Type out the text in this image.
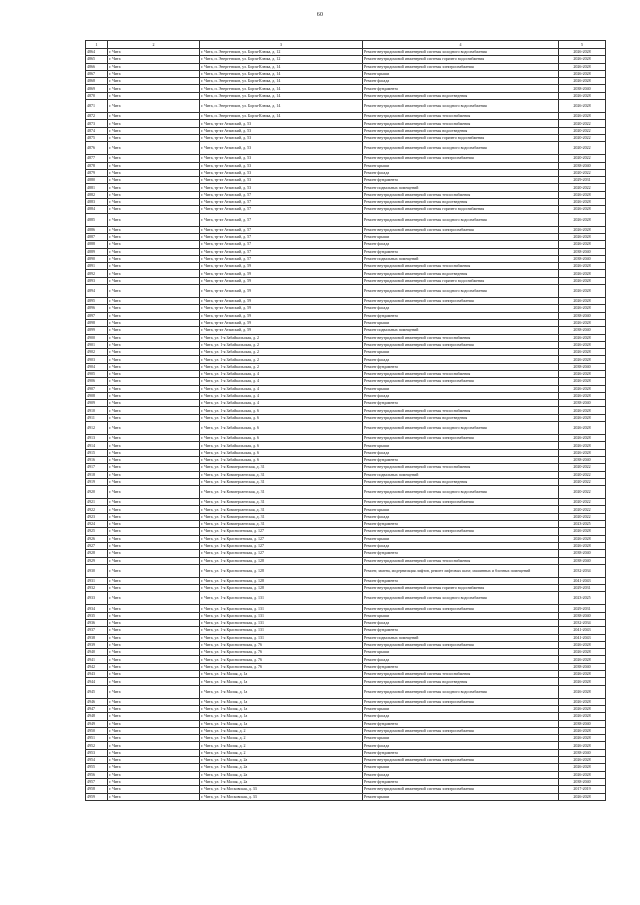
60
1	2	3	4	5
4864	г. Чита	г. Чита, п. Энергетиков, ул. Борзя-Клюка, д. 12	Ремонт внутридомовой инженерной системы холодного водоснабжения	2026-2028
4865	г. Чита	г. Чита, п. Энергетиков, ул. Борзя-Клюка, д. 12	Ремонт внутридомовой инженерной системы горячего водоснабжения	2026-2028
4866	г. Чита	г. Чита, п. Энергетиков, ул. Борзя-Клюка, д. 14	Ремонт внутридомовой инженерной системы электроснабжения	2026-2028
4867	г. Чита	г. Чита, п. Энергетиков, ул. Борзя-Клюка, д. 14	Ремонт крыши	2026-2028
4868	г. Чита	г. Чита, п. Энергетиков, ул. Борзя-Клюка, д. 14	Ремонт фасада	2026-2028
4869	г. Чита	г. Чита, п. Энергетиков, ул. Борзя-Клюка, д. 14	Ремонт фундамента	2038-2040
4870	г. Чита	г. Чита, п. Энергетиков, ул. Борзя-Клюка, д. 14	Ремонт внутридомовой инженерной системы водоотведения	2026-2028
4871	г. Чита	г. Чита, п. Энергетиков, ул. Борзя-Клюка, д. 14	Ремонт внутридомовой инженерной системы холодного водоснабжения	2026-2028
4872	г. Чита	г. Чита, п. Энергетиков, ул. Борзя-Клюка, д. 14	Ремонт внутридомовой инженерной системы теплоснабжения	2026-2028
4873	г. Чита	г. Чита, тр-кт Атамский, д. 53	Ремонт внутридомовой инженерной системы теплоснабжения	2020-2022
4874	г. Чита	г. Чита, тр-кт Атамский, д. 53	Ремонт внутридомовой инженерной системы водоотведения	2020-2022
4875	г. Чита	г. Чита, тр-кт Атамский, д. 53	Ремонт внутридомовой инженерной системы горячего водоснабжения	2020-2022
4876	г. Чита	г. Чита, тр-кт Атамский, д. 53	Ремонт внутридомовой инженерной системы холодного водоснабжения	2020-2022
4877	г. Чита	г. Чита, тр-кт Атамский, д. 53	Ремонт внутридомовой инженерной системы электроснабжения	2020-2022
4878	г. Чита	г. Чита, тр-кт Атамский, д. 53	Ремонт крыши	2038-2040
4879	г. Чита	г. Чита, тр-кт Атамский, д. 53	Ремонт фасада	2020-2022
4880	г. Чита	г. Чита, тр-кт Атамский, д. 53	Ремонт фундамента	2029-2031
4881	г. Чита	г. Чита, тр-кт Атамский, д. 53	Ремонт подвальных помещений	2020-2022
4882	г. Чита	г. Чита, тр-кт Атамский, д. 57	Ремонт внутридомовой инженерной системы теплоснабжения	2026-2028
4883	г. Чита	г. Чита, тр-кт Атамский, д. 57	Ремонт внутридомовой инженерной системы водоотведения	2026-2028
4884	г. Чита	г. Чита, тр-кт Атамский, д. 57	Ремонт внутридомовой инженерной системы горячего водоснабжения	2026-2028
4885	г. Чита	г. Чита, тр-кт Атамский, д. 57	Ремонт внутридомовой инженерной системы холодного водоснабжения	2026-2028
4886	г. Чита	г. Чита, тр-кт Атамский, д. 57	Ремонт внутридомовой инженерной системы электроснабжения	2026-2028
4887	г. Чита	г. Чита, тр-кт Атамский, д. 57	Ремонт крыши	2026-2028
4888	г. Чита	г. Чита, тр-кт Атамский, д. 57	Ремонт фасада	2026-2028
4889	г. Чита	г. Чита, тр-кт Атамский, д. 57	Ремонт фундамента	2038-2040
4890	г. Чита	г. Чита, тр-кт Атамский, д. 57	Ремонт подвальных помещений	2038-2040
4891	г. Чита	г. Чита, тр-кт Атамский, д. 59	Ремонт внутридомовой инженерной системы теплоснабжения	2026-2028
4892	г. Чита	г. Чита, тр-кт Атамский, д. 59	Ремонт внутридомовой инженерной системы водоотведения	2026-2028
4893	г. Чита	г. Чита, тр-кт Атамский, д. 59	Ремонт внутридомовой инженерной системы горячего водоснабжения	2026-2028
4894	г. Чита	г. Чита, тр-кт Атамский, д. 59	Ремонт внутридомовой инженерной системы холодного водоснабжения	2026-2028
4895	г. Чита	г. Чита, тр-кт Атамский, д. 59	Ремонт внутридомовой инженерной системы электроснабжения	2026-2028
4896	г. Чита	г. Чита, тр-кт Атамский, д. 59	Ремонт фасада	2026-2028
4897	г. Чита	г. Чита, тр-кт Атамский, д. 59	Ремонт фундамента	2038-2040
4898	г. Чита	г. Чита, тр-кт Атамский, д. 59	Ремонт крыши	2026-2028
4899	г. Чита	г. Чита, тр-кт Атамский, д. 59	Ремонт подвальных помещений	2038-2040
4900	г. Чита	г. Чита, ул. 1-я Забайкальская, д. 2	Ремонт внутридомовой инженерной системы теплоснабжения	2026-2028
4901	г. Чита	г. Чита, ул. 1-я Забайкальская, д. 2	Ремонт внутридомовой инженерной системы электроснабжения	2026-2028
4902	г. Чита	г. Чита, ул. 1-я Забайкальская, д. 2	Ремонт крыши	2026-2028
4903	г. Чита	г. Чита, ул. 1-я Забайкальская, д. 2	Ремонт фасада	2026-2028
4904	г. Чита	г. Чита, ул. 1-я Забайкальская, д. 2	Ремонт фундамента	2038-2040
4905	г. Чита	г. Чита, ул. 1-я Забайкальская, д. 4	Ремонт внутридомовой инженерной системы теплоснабжения	2026-2028
4906	г. Чита	г. Чита, ул. 1-я Забайкальская, д. 4	Ремонт внутридомовой инженерной системы электроснабжения	2026-2028
4907	г. Чита	г. Чита, ул. 1-я Забайкальская, д. 4	Ремонт крыши	2026-2028
4908	г. Чита	г. Чита, ул. 1-я Забайкальская, д. 4	Ремонт фасада	2026-2028
4909	г. Чита	г. Чита, ул. 1-я Забайкальская, д. 4	Ремонт фундамента	2038-2040
4910	г. Чита	г. Чита, ул. 1-я Забайкальская, д. 6	Ремонт внутридомовой инженерной системы теплоснабжения	2026-2028
4911	г. Чита	г. Чита, ул. 1-я Забайкальская, д. 6	Ремонт внутридомовой инженерной системы водоотведения	2026-2028
4912	г. Чита	г. Чита, ул. 1-я Забайкальская, д. 6	Ремонт внутридомовой инженерной системы холодного водоснабжения	2026-2028
4913	г. Чита	г. Чита, ул. 1-я Забайкальская, д. 6	Ремонт внутридомовой инженерной системы электроснабжения	2026-2028
4914	г. Чита	г. Чита, ул. 1-я Забайкальская, д. 6	Ремонт крыши	2026-2028
4915	г. Чита	г. Чита, ул. 1-я Забайкальская, д. 6	Ремонт фасада	2026-2028
4916	г. Чита	г. Чита, ул. 1-я Забайкальская, д. 6	Ремонт фундамента	2038-2040
4917	г. Чита	г. Чита, ул. 1-я Коммерсантская, д. 31	Ремонт внутридомовой инженерной системы теплоснабжения	2020-2022
4918	г. Чита	г. Чита, ул. 1-я Коммерсантская, д. 31	Ремонт подвальных помещений	2020-2022
4919	г. Чита	г. Чита, ул. 1-я Коммерсантская, д. 31	Ремонт внутридомовой инженерной системы водоотведения	2020-2022
4920	г. Чита	г. Чита, ул. 1-я Коммерсантская, д. 31	Ремонт внутридомовой инженерной системы холодного водоснабжения	2020-2022
4921	г. Чита	г. Чита, ул. 1-я Коммерсантская, д. 31	Ремонт внутридомовой инженерной системы электроснабжения	2020-2022
4922	г. Чита	г. Чита, ул. 1-я Коммерсантская, д. 31	Ремонт крыши	2020-2022
4923	г. Чита	г. Чита, ул. 1-я Коммерсантская, д. 31	Ремонт фасада	2020-2022
4924	г. Чита	г. Чита, ул. 1-я Коммерсантская, д. 31	Ремонт фундамента	2023-2025
4925	г. Чита	г. Чита, ул. 1-я Красноленская, д. 127	Ремонт внутридомовой инженерной системы электроснабжения	2026-2028
4926	г. Чита	г. Чита, ул. 1-я Красноленская, д. 127	Ремонт крыши	2026-2028
4927	г. Чита	г. Чита, ул. 1-я Красноленская, д. 127	Ремонт фасада	2026-2028
4928	г. Чита	г. Чита, ул. 1-я Красноленская, д. 127	Ремонт фундамента	2038-2040
4929	г. Чита	г. Чита, ул. 1-я Красноленская, д. 128	Ремонт внутридомовой инженерной системы теплоснабжения	2038-2040
4930	г. Чита	г. Чита, ул. 1-я Красноленская, д. 128	Ремонт, замена, модернизация лифтов, ремонт лифтовых шахт, машинных и блочных помещений	2032-2034
4931	г. Чита	г. Чита, ул. 1-я Красноленская, д. 128	Ремонт фундамента	2041-2043
4932	г. Чита	г. Чита, ул. 1-я Красноленская, д. 128	Ремонт внутридомовой инженерной системы горячего водоснабжения	2029-2031
4933	г. Чита	г. Чита, ул. 1-я Красноленская, д. 131	Ремонт внутридомовой инженерной системы холодного водоснабжения	2023-2025
4934	г. Чита	г. Чита, ул. 1-я Красноленская, д. 131	Ремонт внутридомовой инженерной системы электроснабжения	2029-2031
4935	г. Чита	г. Чита, ул. 1-я Красноленская, д. 131	Ремонт крыши	2038-2040
4936	г. Чита	г. Чита, ул. 1-я Красноленская, д. 131	Ремонт фасада	2032-2034
4937	г. Чита	г. Чита, ул. 1-я Красноленская, д. 131	Ремонт фундамента	2041-2043
4938	г. Чита	г. Чита, ул. 1-я Красноленская, д. 131	Ремонт подвальных помещений	2041-2043
4939	г. Чита	г. Чита, ул. 1-я Красноленская, д. 76	Ремонт внутридомовой инженерной системы электроснабжения	2026-2028
4940	г. Чита	г. Чита, ул. 1-я Красноленская, д. 76	Ремонт крыши	2026-2028
4941	г. Чита	г. Чита, ул. 1-я Красноленская, д. 76	Ремонт фасада	2026-2028
4942	г. Чита	г. Чита, ул. 1-я Красноленская, д. 76	Ремонт фундамента	2038-2040
4943	г. Чита	г. Чита, ул. 1-я Малая, д. 1а	Ремонт внутридомовой инженерной системы теплоснабжения	2026-2028
4944	г. Чита	г. Чита, ул. 1-я Малая, д. 1а	Ремонт внутридомовой инженерной системы водоотведения	2026-2028
4945	г. Чита	г. Чита, ул. 1-я Малая, д. 1а	Ремонт внутридомовой инженерной системы холодного водоснабжения	2026-2028
4946	г. Чита	г. Чита, ул. 1-я Малая, д. 1а	Ремонт внутридомовой инженерной системы электроснабжения	2026-2028
4947	г. Чита	г. Чита, ул. 1-я Малая, д. 1а	Ремонт крыши	2026-2028
4948	г. Чита	г. Чита, ул. 1-я Малая, д. 1а	Ремонт фасада	2026-2028
4949	г. Чита	г. Чита, ул. 1-я Малая, д. 1а	Ремонт фундамента	2038-2040
4950	г. Чита	г. Чита, ул. 1-я Малая, д. 2	Ремонт внутридомовой инженерной системы электроснабжения	2026-2028
4951	г. Чита	г. Чита, ул. 1-я Малая, д. 2	Ремонт крыши	2026-2028
4952	г. Чита	г. Чита, ул. 1-я Малая, д. 2	Ремонт фасада	2026-2028
4953	г. Чита	г. Чита, ул. 1-я Малая, д. 2	Ремонт фундамента	2038-2040
4954	г. Чита	г. Чита, ул. 1-я Малая, д. 2а	Ремонт внутридомовой инженерной системы электроснабжения	2026-2028
4955	г. Чита	г. Чита, ул. 1-я Малая, д. 2а	Ремонт крыши	2026-2028
4956	г. Чита	г. Чита, ул. 1-я Малая, д. 2а	Ремонт фасада	2026-2028
4957	г. Чита	г. Чита, ул. 1-я Малая, д. 2а	Ремонт фундамента	2038-2040
4958	г. Чита	г. Чита, ул. 1-я Московская, д. 33	Ремонт внутридомовой инженерной системы электроснабжения	2017-2019
4959	г. Чита	г. Чита, ул. 1-я Московская, д. 33	Ремонт крыши	2026-2028
